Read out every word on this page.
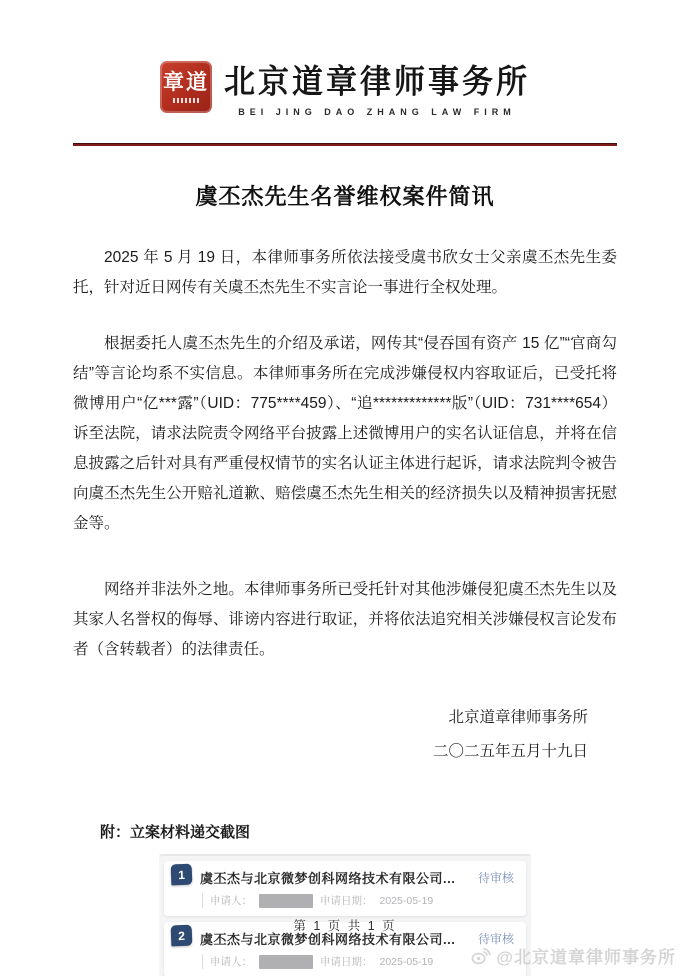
章道 北京道章律师事务所
BEI JING DAO ZHANG LAW FIRM
虞丕杰先生名誉维权案件简讯

2025 年 5 月 19 日，本律师事务所依法接受虞书欣女士父亲虞丕杰先生委托，针对近日网传有关虞丕杰先生不实言论一事进行全权处理。

根据委托人虞丕杰先生的介绍及承诺，网传其“侵吞国有资产 15 亿”“官商勾结”等言论均系不实信息。本律师事务所在完成涉嫌侵权内容取证后，已受托将微博用户“亿***露”（UID：775****459）、“追*************版”（UID：731****654）诉至法院，请求法院责令网络平台披露上述微博用户的实名认证信息，并将在信息披露之后针对具有严重侵权情节的实名认证主体进行起诉，请求法院判令被告向虞丕杰先生公开赔礼道歉、赔偿虞丕杰先生相关的经济损失以及精神损害抚慰金等。

网络并非法外之地。本律师事务所已受托针对其他涉嫌侵犯虞丕杰先生以及其家人名誉权的侮辱、诽谤内容进行取证，并将依法追究相关涉嫌侵权言论发布者（含转载者）的法律责任。

北京道章律师事务所
二〇二五年五月十九日
附：立案材料递交截图
1	虞丕杰与北京微梦创科网络技术有限公司... 待审核
申请人：	申请日期： 2025-05-19
2	虞丕杰与北京微梦创科网络技术有限公司... 待审核
申请人：	申请日期： 2025-05-19
第 1 页 共 1 页
@北京道章律师事务所
